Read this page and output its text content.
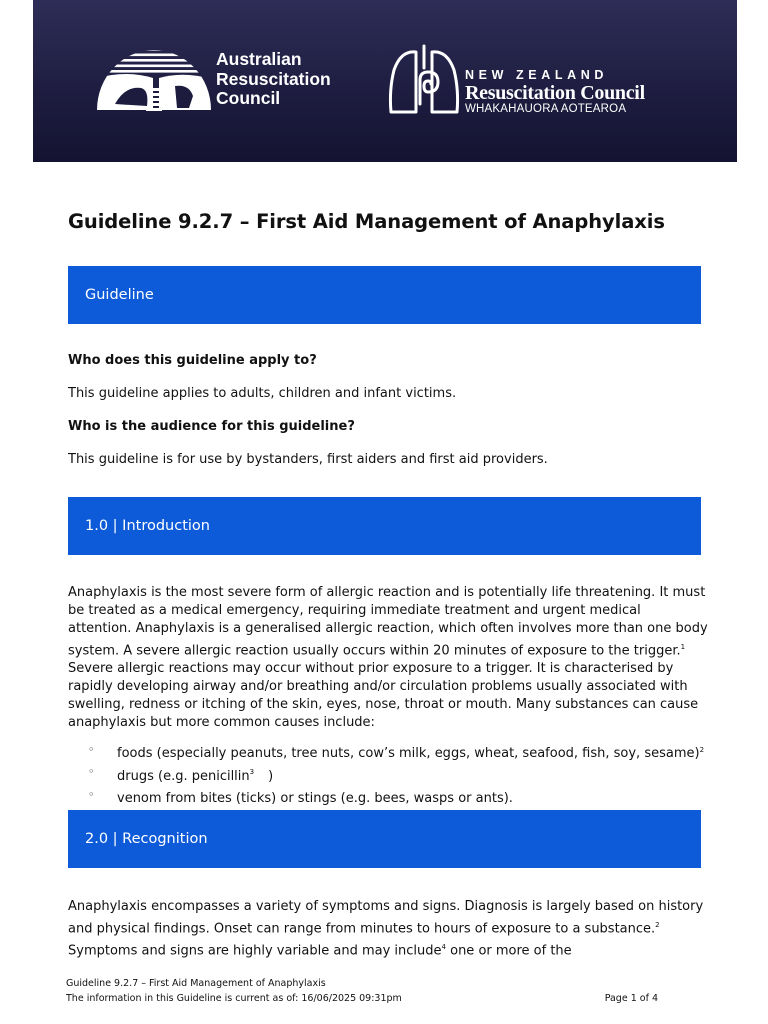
Australian
Resuscitation
Council
™
NEW ZEALAND
Resuscitation Council
WHAKAHAUORA AOTEAROA
Guideline 9.2.7 – First Aid Management of Anaphylaxis
Guideline

Who does this guideline apply to?

This guideline applies to adults, children and infant victims.

Who is the audience for this guideline?

This guideline is for use by bystanders, first aiders and first aid providers.

1.0 | Introduction

Anaphylaxis is the most severe form of allergic reaction and is potentially life threatening. It must be treated as a medical emergency, requiring immediate treatment and urgent medical attention. Anaphylaxis is a generalised allergic reaction, which often involves more than one body system. A severe allergic reaction usually occurs within 20 minutes of exposure to the trigger.$^1$ Severe allergic reactions may occur without prior exposure to a trigger. It is characterised by rapidly developing airway and/or breathing and/or circulation problems usually associated with swelling, redness or itching of the skin, eyes, nose, throat or mouth. Many substances can cause anaphylaxis but more common causes include:

◦ foods (especially peanuts, tree nuts, cow’s milk, eggs, wheat, seafood, fish, soy, sesame)$^2$
◦ drugs (e.g. penicillin$^3$ )
◦ venom from bites (ticks) or stings (e.g. bees, wasps or ants).
2.0 | Recognition

Anaphylaxis encompasses a variety of symptoms and signs. Diagnosis is largely based on history and physical findings. Onset can range from minutes to hours of exposure to a substance.$^2$ Symptoms and signs are highly variable and may include$^4$ one or more of the

Guideline 9.2.7 – First Aid Management of Anaphylaxis
The information in this Guideline is current as of: 16/06/2025 09:31pm	Page 1 of 4
